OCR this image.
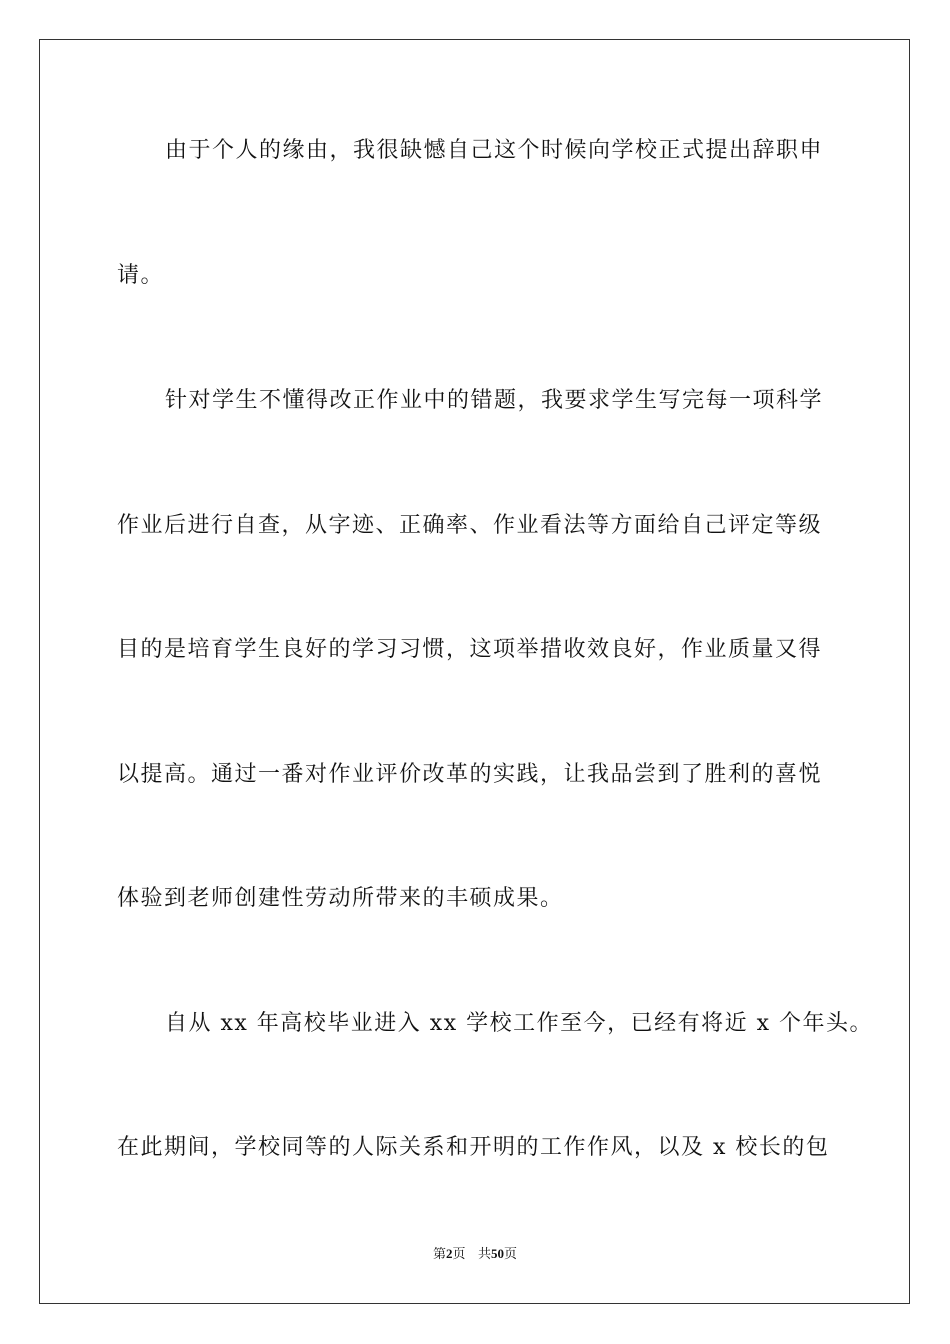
由于个人的缘由，我很缺憾自己这个时候向学校正式提出辞职申
请。
针对学生不懂得改正作业中的错题，我要求学生写完每一项科学
作业后进行自查，从字迹、正确率、作业看法等方面给自己评定等级
目的是培育学生良好的学习习惯，这项举措收效良好，作业质量又得
以提高。通过一番对作业评价改革的实践，让我品尝到了胜利的喜悦
体验到老师创建性劳动所带来的丰硕成果。
自从 xx 年高校毕业进入 xx 学校工作至今，已经有将近 x 个年头。
在此期间，学校同等的人际关系和开明的工作作风，以及 x 校长的包
第2页 共50页
